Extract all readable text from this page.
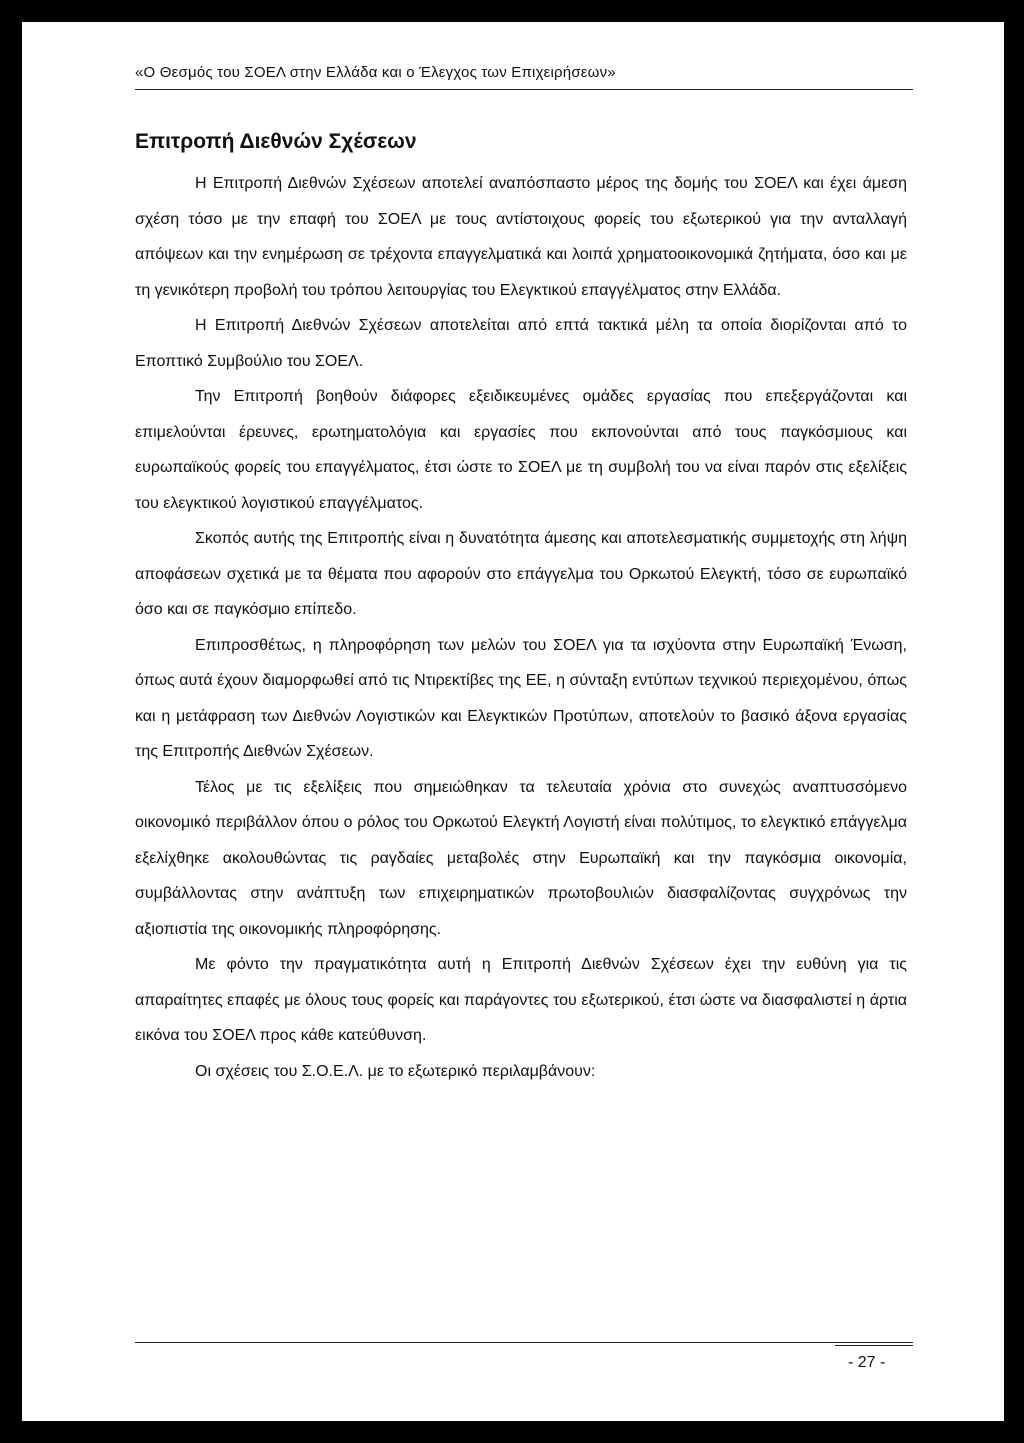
«Ο Θεσμός του ΣΟΕΛ στην Ελλάδα και ο Έλεγχος των Επιχειρήσεων»
Επιτροπή Διεθνών Σχέσεων

Η Επιτροπή Διεθνών Σχέσεων αποτελεί αναπόσπαστο μέρος της δομής του ΣΟΕΛ και έχει άμεση σχέση τόσο με την επαφή του ΣΟΕΛ με τους αντίστοιχους φορείς του εξωτερικού για την ανταλλαγή απόψεων και την ενημέρωση σε τρέχοντα επαγγελματικά και λοιπά χρηματοοικονομικά ζητήματα, όσο και με τη γενικότερη προβολή του τρόπου λειτουργίας του Ελεγκτικού επαγγέλματος στην Ελλάδα.

Η Επιτροπή Διεθνών Σχέσεων αποτελείται από επτά τακτικά μέλη τα οποία διορίζονται από το Εποπτικό Συμβούλιο του ΣΟΕΛ.

Την Επιτροπή βοηθούν διάφορες εξειδικευμένες ομάδες εργασίας που επεξεργάζονται και επιμελούνται έρευνες, ερωτηματολόγια και εργασίες που εκπονούνται από τους παγκόσμιους και ευρωπαϊκούς φορείς του επαγγέλματος, έτσι ώστε το ΣΟΕΛ με τη συμβολή του να είναι παρόν στις εξελίξεις του ελεγκτικού λογιστικού επαγγέλματος.

Σκοπός αυτής της Επιτροπής είναι η δυνατότητα άμεσης και αποτελεσματικής συμμετοχής στη λήψη αποφάσεων σχετικά με τα θέματα που αφορούν στο επάγγελμα του Ορκωτού Ελεγκτή, τόσο σε ευρωπαϊκό όσο και σε παγκόσμιο επίπεδο.

Επιπροσθέτως, η πληροφόρηση των μελών του ΣΟΕΛ για τα ισχύοντα στην Ευρωπαϊκή Ένωση, όπως αυτά έχουν διαμορφωθεί από τις Ντιρεκτίβες της ΕΕ, η σύνταξη εντύπων τεχνικού περιεχομένου, όπως και η μετάφραση των Διεθνών Λογιστικών και Ελεγκτικών Προτύπων, αποτελούν το βασικό άξονα εργασίας της Επιτροπής Διεθνών Σχέσεων.

Τέλος με τις εξελίξεις που σημειώθηκαν τα τελευταία χρόνια στο συνεχώς αναπτυσσόμενο οικονομικό περιβάλλον όπου ο ρόλος του Ορκωτού Ελεγκτή Λογιστή είναι πολύτιμος, το ελεγκτικό επάγγελμα εξελίχθηκε ακολουθώντας τις ραγδαίες μεταβολές στην Ευρωπαϊκή και την παγκόσμια οικονομία, συμβάλλοντας στην ανάπτυξη των επιχειρηματικών πρωτοβουλιών διασφαλίζοντας συγχρόνως την αξιοπιστία της οικονομικής πληροφόρησης.

Με φόντο την πραγματικότητα αυτή η Επιτροπή Διεθνών Σχέσεων έχει την ευθύνη για τις απαραίτητες επαφές με όλους τους φορείς και παράγοντες του εξωτερικού, έτσι ώστε να διασφαλιστεί η άρτια εικόνα του ΣΟΕΛ προς κάθε κατεύθυνση.

Οι σχέσεις του Σ.Ο.Ε.Λ. με το εξωτερικό περιλαμβάνουν:

- 27 -
